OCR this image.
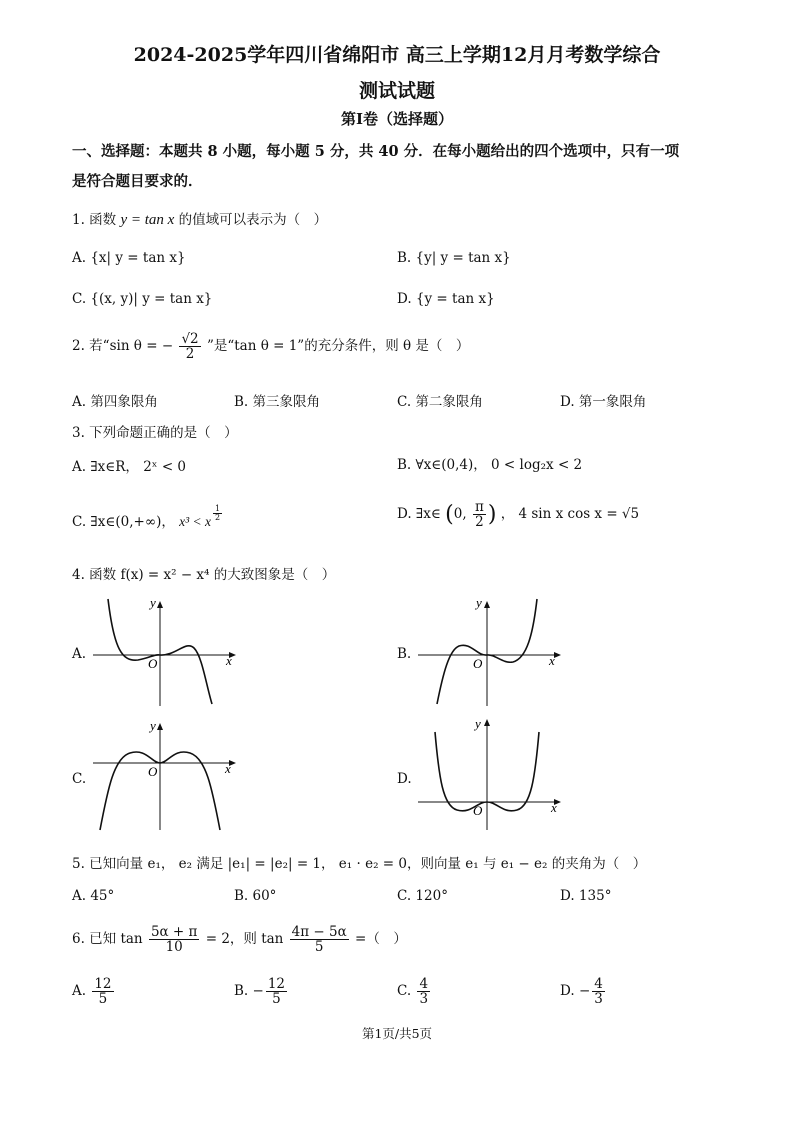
2024-2025学年四川省绵阳市 高三上学期12月月考数学综合
测试试题
第Ⅰ卷（选择题）
一、选择题：本题共 8 小题，每小题 5 分，共 40 分．在每小题给出的四个选项中，只有一项
是符合题目要求的．
1. 函数 y = tan x 的值域可以表示为（　）
A. {x| y = tan x}	B. {y| y = tan x}
C. {(x, y)| y = tan x}	D. {y = tan x}
2. 若“sin θ = − $\frac{√2}{2}$ ”是“tan θ = 1”的充分条件，则 θ 是（　）
A. 第四象限角	B. 第三象限角	C. 第二象限角	D. 第一象限角
3. 下列命题正确的是（　）
A. ∃x∈R， 2ˣ < 0	B. ∀x∈(0,4)， 0 < log₂x < 2
C. ∃x∈(0,+∞)， x³ < x $\frac{1}{2}$	D. ∃x∈ (0, $\frac{\pi}{2}$ ) ， 4 sin x cos x = √5
4. 函数 f(x) = x² − x⁴ 的大致图象是（　）
A.	B.
C.	D.
x
y
O	x
y
O
x
y
O
x
y
O
5. 已知向量 e₁， e₂ 满足 |e₁| = |e₂| = 1， e₁ · e₂ = 0，则向量 e₁ 与 e₁ − e₂ 的夹角为（　）
A. 45°	B. 60°	C. 120°	D. 135°
6. 已知 $\tan \frac{5\alpha + \pi}{10} = 2$，则 $\tan \frac{4\pi - 5\alpha}{5}$ =（　）
A. $\frac{12}{5}$	B. − $\frac{12}{5}$	C. $\frac{4}{3}$	D. − $\frac{4}{3}$
第1页/共5页
